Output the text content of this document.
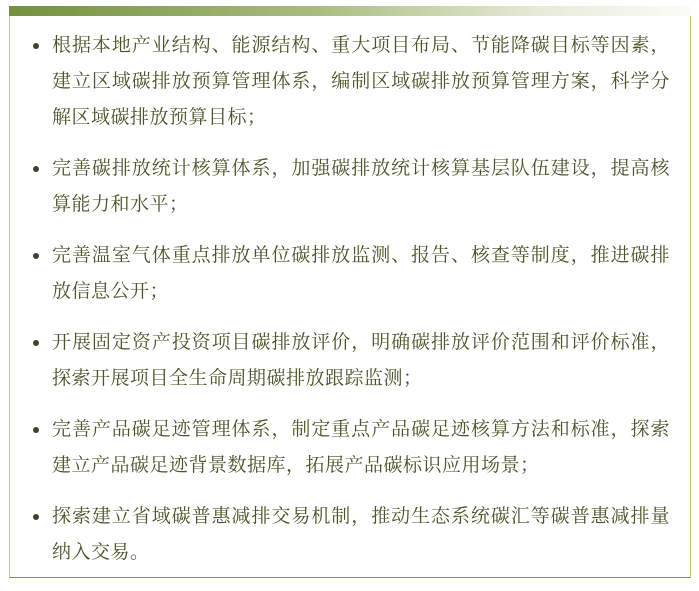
根据本地产业结构、能源结构、重大项目布局、节能降碳目标等因素，建立区域碳排放预算管理体系，编制区域碳排放预算管理方案，科学分解区域碳排放预算目标；
完善碳排放统计核算体系，加强碳排放统计核算基层队伍建设，提高核算能力和水平；
完善温室气体重点排放单位碳排放监测、报告、核查等制度，推进碳排放信息公开；
开展固定资产投资项目碳排放评价，明确碳排放评价范围和评价标准，探索开展项目全生命周期碳排放跟踪监测；
完善产品碳足迹管理体系，制定重点产品碳足迹核算方法和标准，探索建立产品碳足迹背景数据库，拓展产品碳标识应用场景；
探索建立省域碳普惠减排交易机制，推动生态系统碳汇等碳普惠减排量纳入交易。
